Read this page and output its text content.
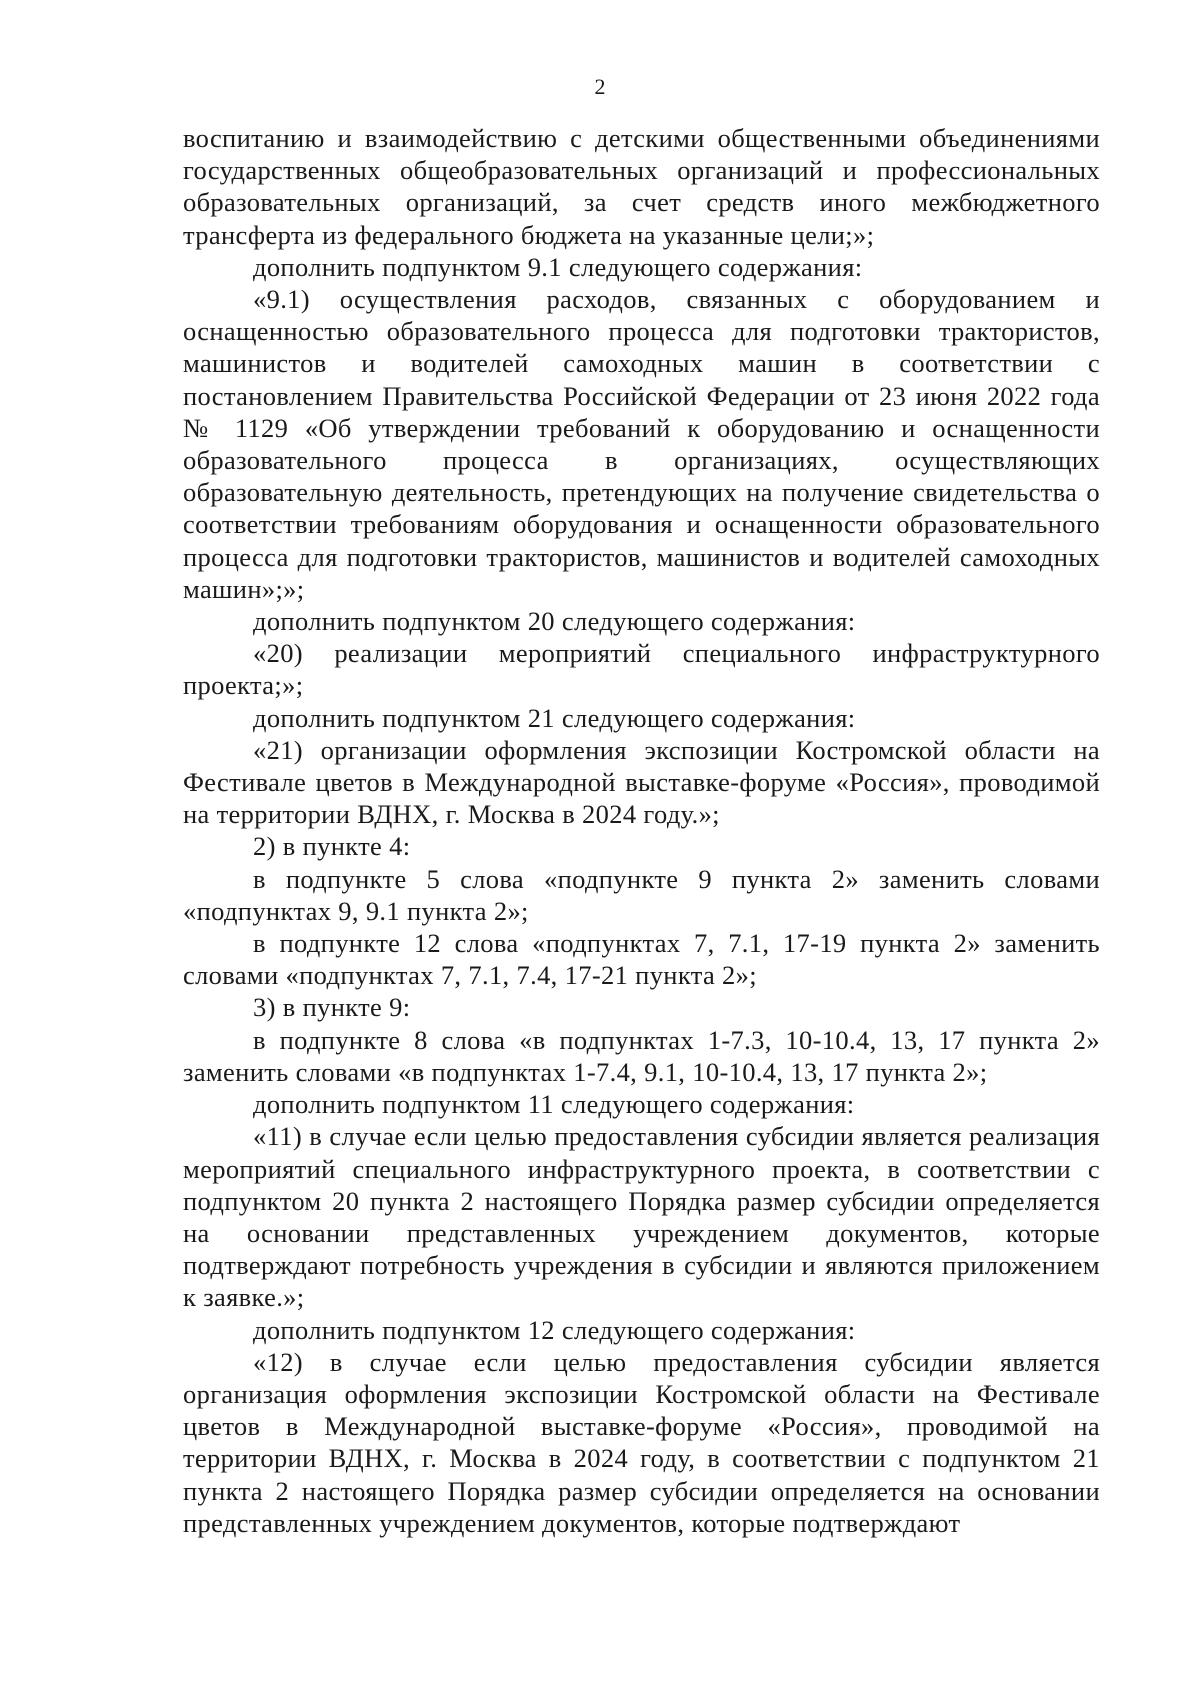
2

воспитанию и взаимодействию с детскими общественными объединениями государственных общеобразовательных организаций и профессиональных образовательных организаций, за счет средств иного межбюджетного трансферта из федерального бюджета на указанные цели;»;

дополнить подпунктом 9.1 следующего содержания:

«9.1) осуществления расходов, связанных с оборудованием и оснащенностью образовательного процесса для подготовки трактористов, машинистов и водителей самоходных машин в соответствии с постановлением Правительства Российской Федерации от 23 июня 2022 года № 1129 «Об утверждении требований к оборудованию и оснащенности образовательного процесса в организациях, осуществляющих образовательную деятельность, претендующих на получение свидетельства о соответствии требованиям оборудования и оснащенности образовательного процесса для подготовки трактористов, машинистов и водителей самоходных машин»;»;

дополнить подпунктом 20 следующего содержания:

«20) реализации мероприятий специального инфраструктурного проекта;»;

дополнить подпунктом 21 следующего содержания:

«21) организации оформления экспозиции Костромской области на Фестивале цветов в Международной выставке-форуме «Россия», проводимой на территории ВДНХ, г. Москва в 2024 году.»;

2) в пункте 4:

в подпункте 5 слова «подпункте 9 пункта 2» заменить словами «подпунктах 9, 9.1 пункта 2»;

в подпункте 12 слова «подпунктах 7, 7.1, 17-19 пункта 2» заменить словами «подпунктах 7, 7.1, 7.4, 17-21 пункта 2»;

3) в пункте 9:

в подпункте 8 слова «в подпунктах 1-7.3, 10-10.4, 13, 17 пункта 2» заменить словами «в подпунктах 1-7.4, 9.1, 10-10.4, 13, 17 пункта 2»;

дополнить подпунктом 11 следующего содержания:

«11) в случае если целью предоставления субсидии является реализация мероприятий специального инфраструктурного проекта, в соответствии с подпунктом 20 пункта 2 настоящего Порядка размер субсидии определяется на основании представленных учреждением документов, которые подтверждают потребность учреждения в субсидии и являются приложением к заявке.»;

дополнить подпунктом 12 следующего содержания:

«12) в случае если целью предоставления субсидии является организация оформления экспозиции Костромской области на Фестивале цветов в Международной выставке-форуме «Россия», проводимой на территории ВДНХ, г. Москва в 2024 году, в соответствии с подпунктом 21 пункта 2 настоящего Порядка размер субсидии определяется на основании представленных учреждением документов, которые подтверждают
